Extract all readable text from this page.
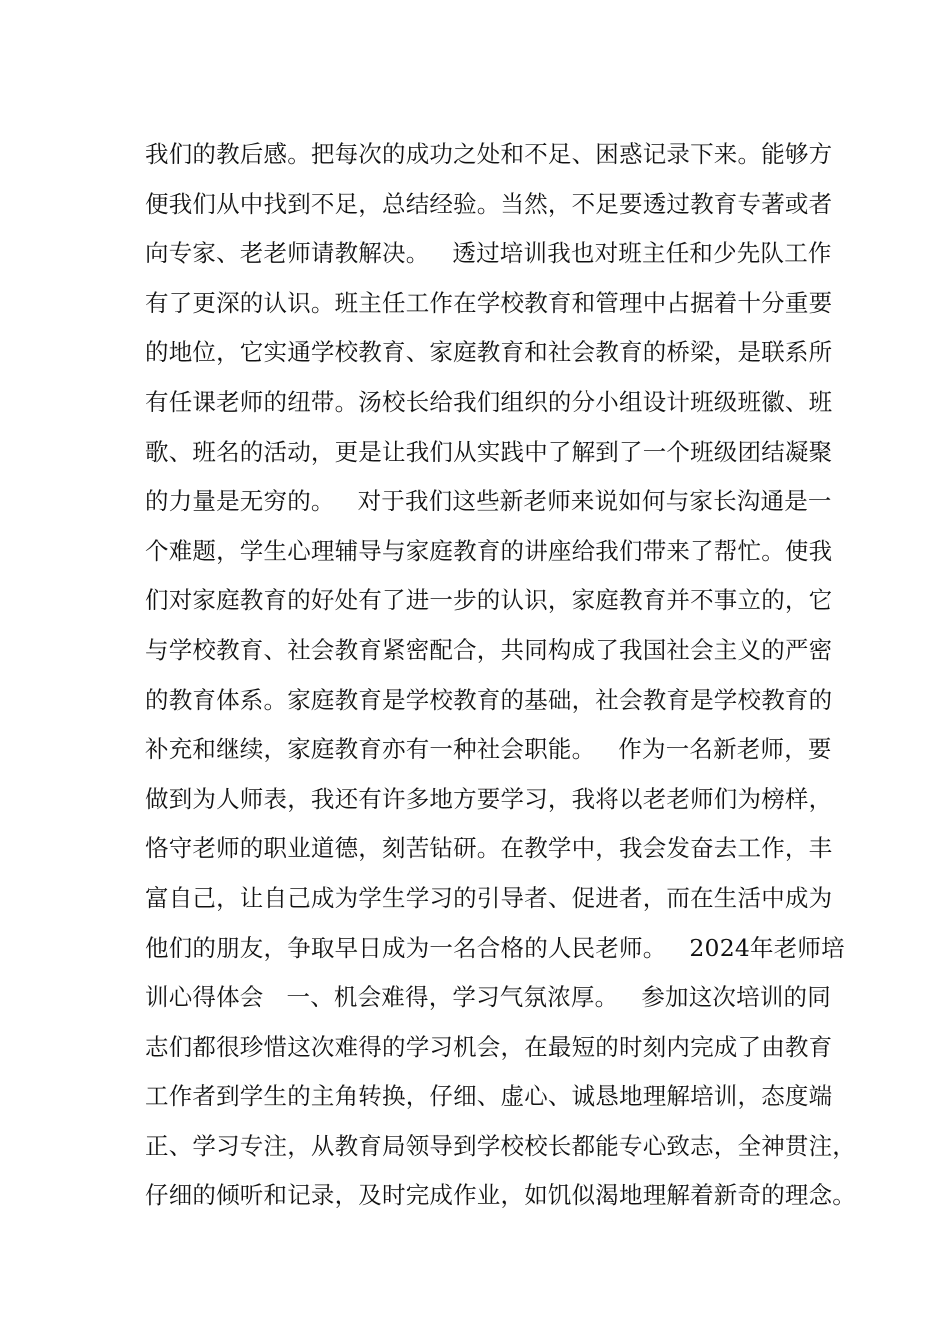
我们的教后感。把每次的成功之处和不足、困惑记录下来。能够方
便我们从中找到不足，总结经验。当然，不足要透过教育专著或者
向专家、老老师请教解决。   透过培训我也对班主任和少先队工作
有了更深的认识。班主任工作在学校教育和管理中占据着十分重要
的地位，它实通学校教育、家庭教育和社会教育的桥梁，是联系所
有任课老师的纽带。汤校长给我们组织的分小组设计班级班徽、班
歌、班名的活动，更是让我们从实践中了解到了一个班级团结凝聚
的力量是无穷的。   对于我们这些新老师来说如何与家长沟通是一
个难题，学生心理辅导与家庭教育的讲座给我们带来了帮忙。使我
们对家庭教育的好处有了进一步的认识，家庭教育并不事立的，它
与学校教育、社会教育紧密配合，共同构成了我国社会主义的严密
的教育体系。家庭教育是学校教育的基础，社会教育是学校教育的
补充和继续，家庭教育亦有一种社会职能。   作为一名新老师，要
做到为人师表，我还有许多地方要学习，我将以老老师们为榜样，
恪守老师的职业道德，刻苦钻研。在教学中，我会发奋去工作，丰
富自己，让自己成为学生学习的引导者、促进者，而在生活中成为
他们的朋友，争取早日成为一名合格的人民老师。   2024年老师培
训心得体会   一、机会难得，学习气氛浓厚。   参加这次培训的同
志们都很珍惜这次难得的学习机会，在最短的时刻内完成了由教育
工作者到学生的主角转换，仔细、虚心、诚恳地理解培训，态度端
正、学习专注，从教育局领导到学校校长都能专心致志，全神贯注，
仔细的倾听和记录，及时完成作业，如饥似渴地理解着新奇的理念。
